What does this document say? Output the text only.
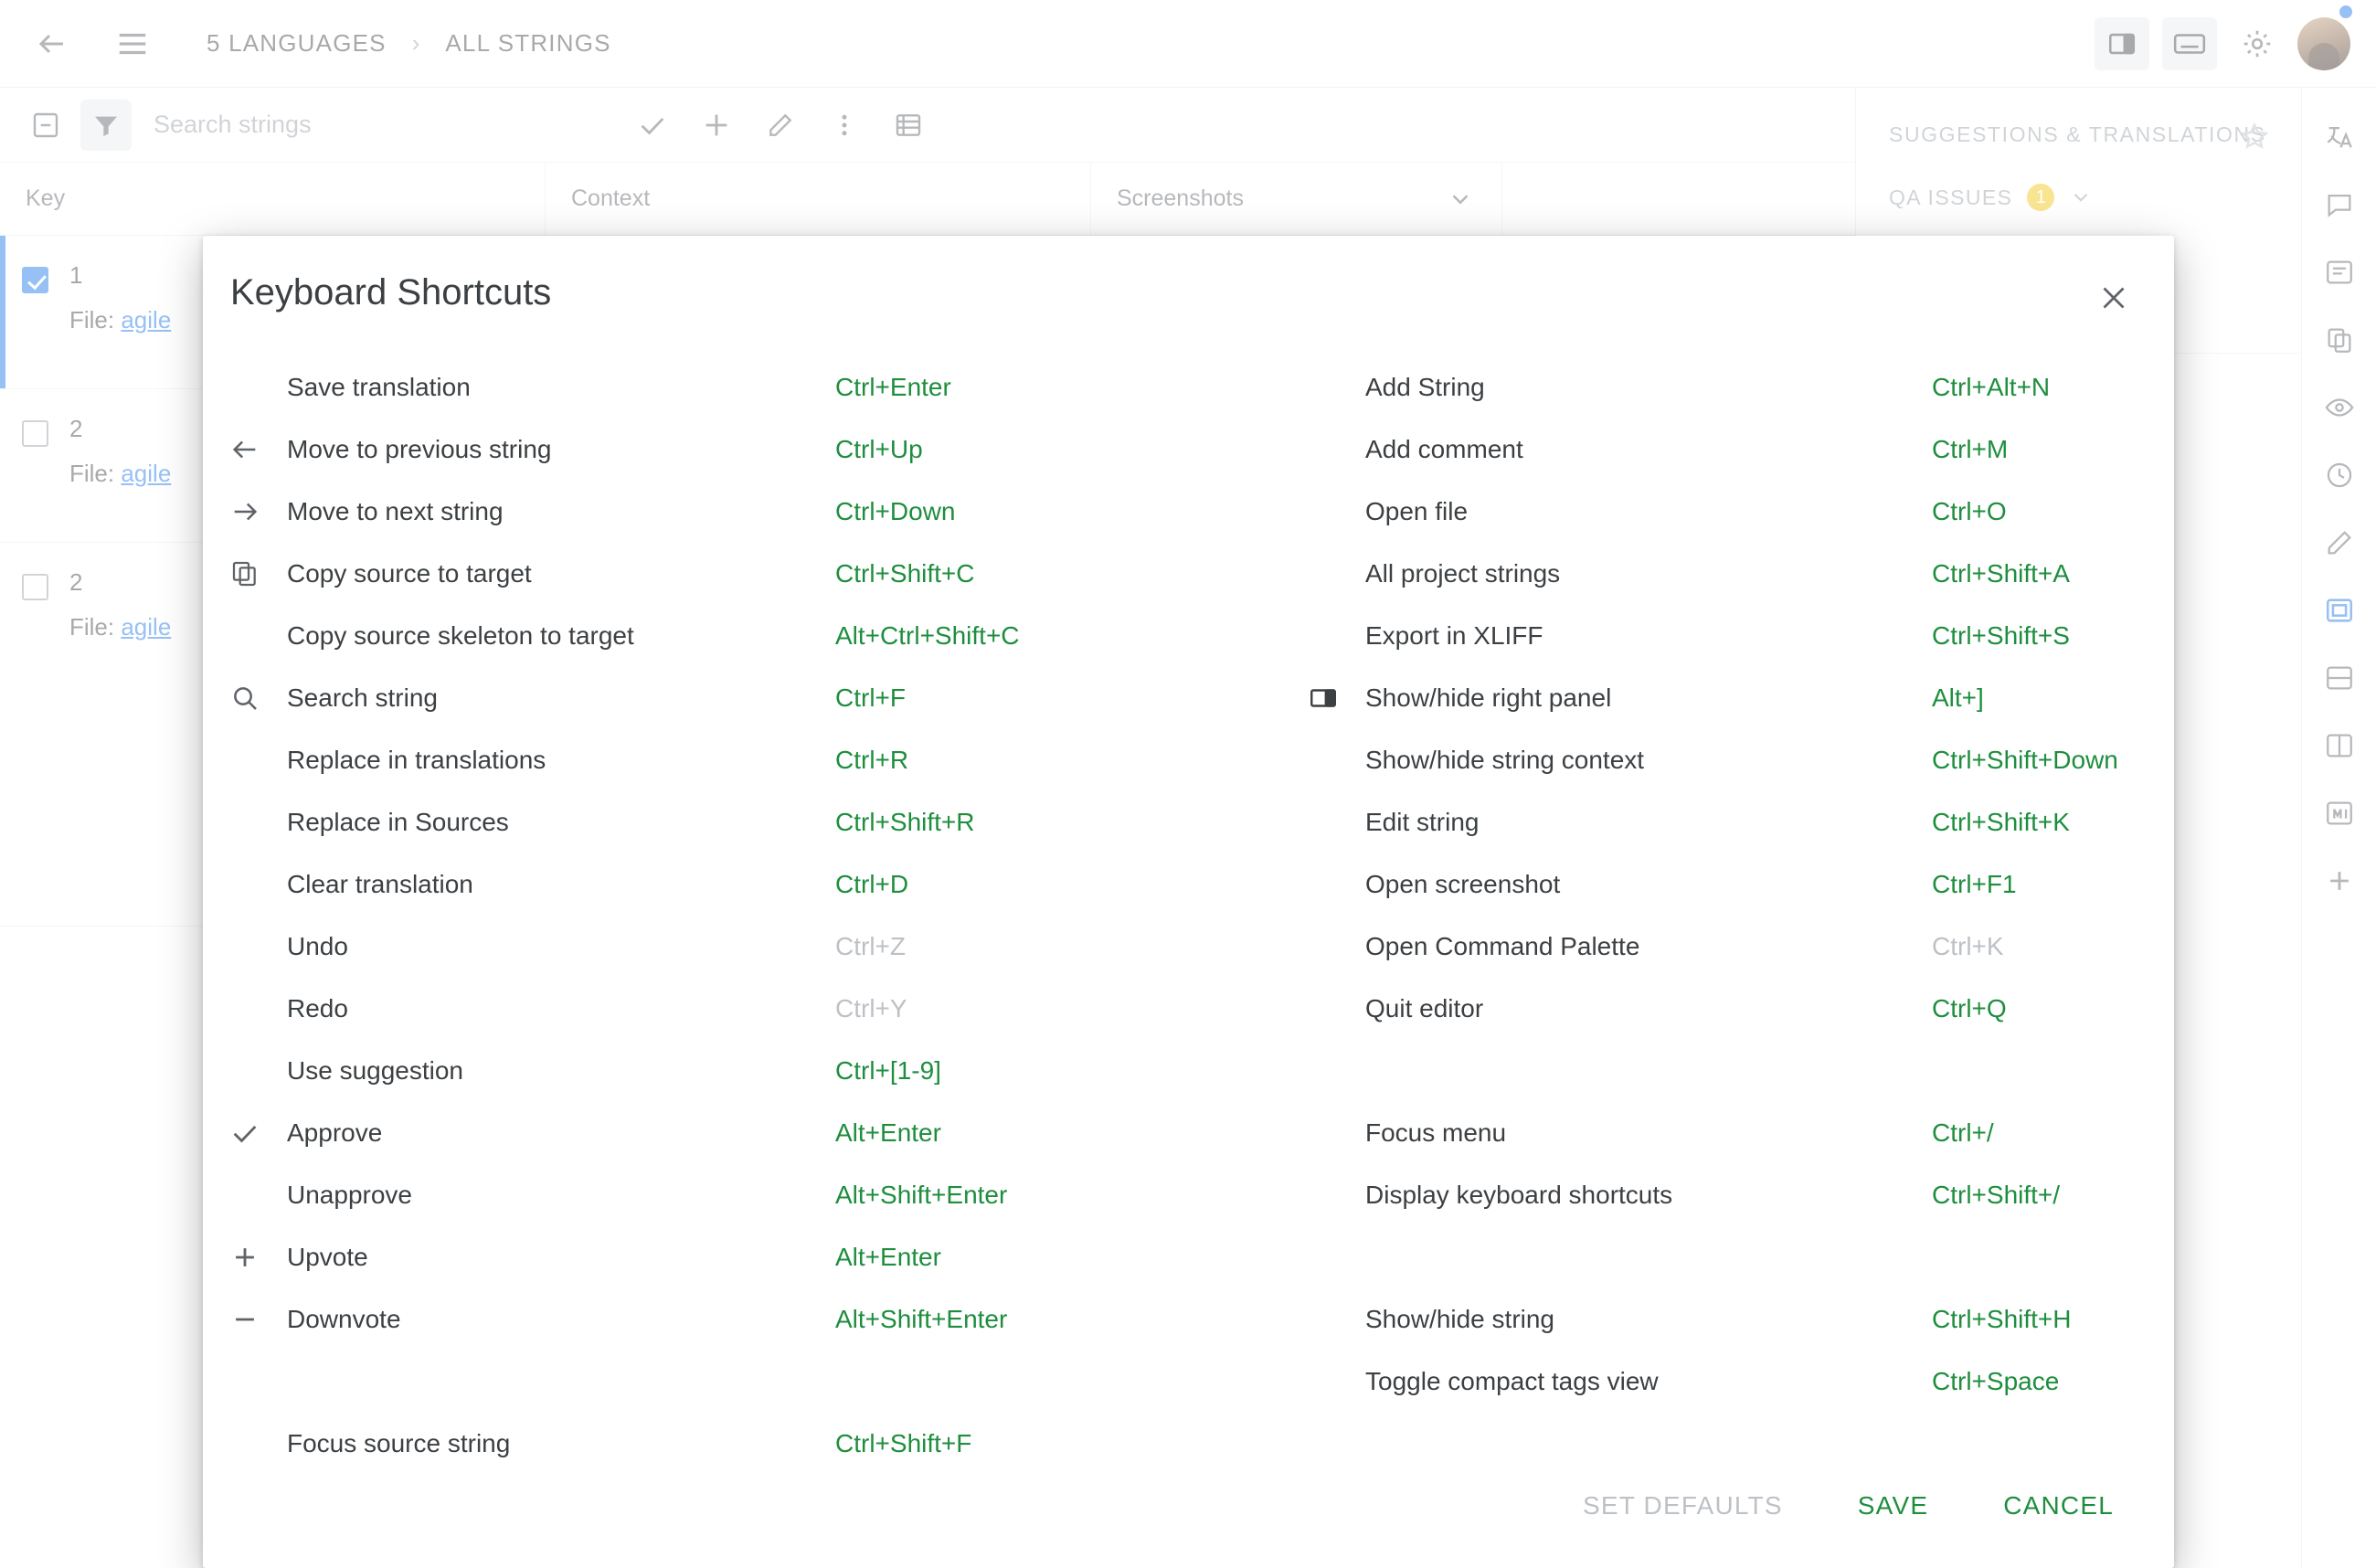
Search strings
Keyboard Shortcuts
Save translation	Ctrl+Enter
Move to previous string	Ctrl+Up
Move to next string	Ctrl+Down
Copy source to target	Ctrl+Shift+C
Copy source skeleton to target	Alt+Ctrl+Shift+C
Search string	Ctrl+F
Replace in translations	Ctrl+R
Replace in Sources	Ctrl+Shift+R
Clear translation	Ctrl+D
Undo	Ctrl+Z
Redo	Ctrl+Y
Use suggestion	Ctrl+[1-9]
Approve	Alt+Enter
Unapprove	Alt+Shift+Enter
Upvote	Alt+Enter
Downvote	Alt+Shift+Enter
Focus source string	Ctrl+Shift+F
Add String	Ctrl+Alt+N
Add comment	Ctrl+M
Open file	Ctrl+O
All project strings	Ctrl+Shift+A
Export in XLIFF	Ctrl+Shift+S
Show/hide right panel	Alt+]
Show/hide string context	Ctrl+Shift+Down
Edit string	Ctrl+Shift+K
Open screenshot	Ctrl+F1
Open Command Palette	Ctrl+K
Quit editor	Ctrl+Q
Focus menu	Ctrl+/
Display keyboard shortcuts	Ctrl+Shift+/
Show/hide string	Ctrl+Shift+H
Toggle compact tags view	Ctrl+Space
SET DEFAULTS	SAVE	CANCEL
